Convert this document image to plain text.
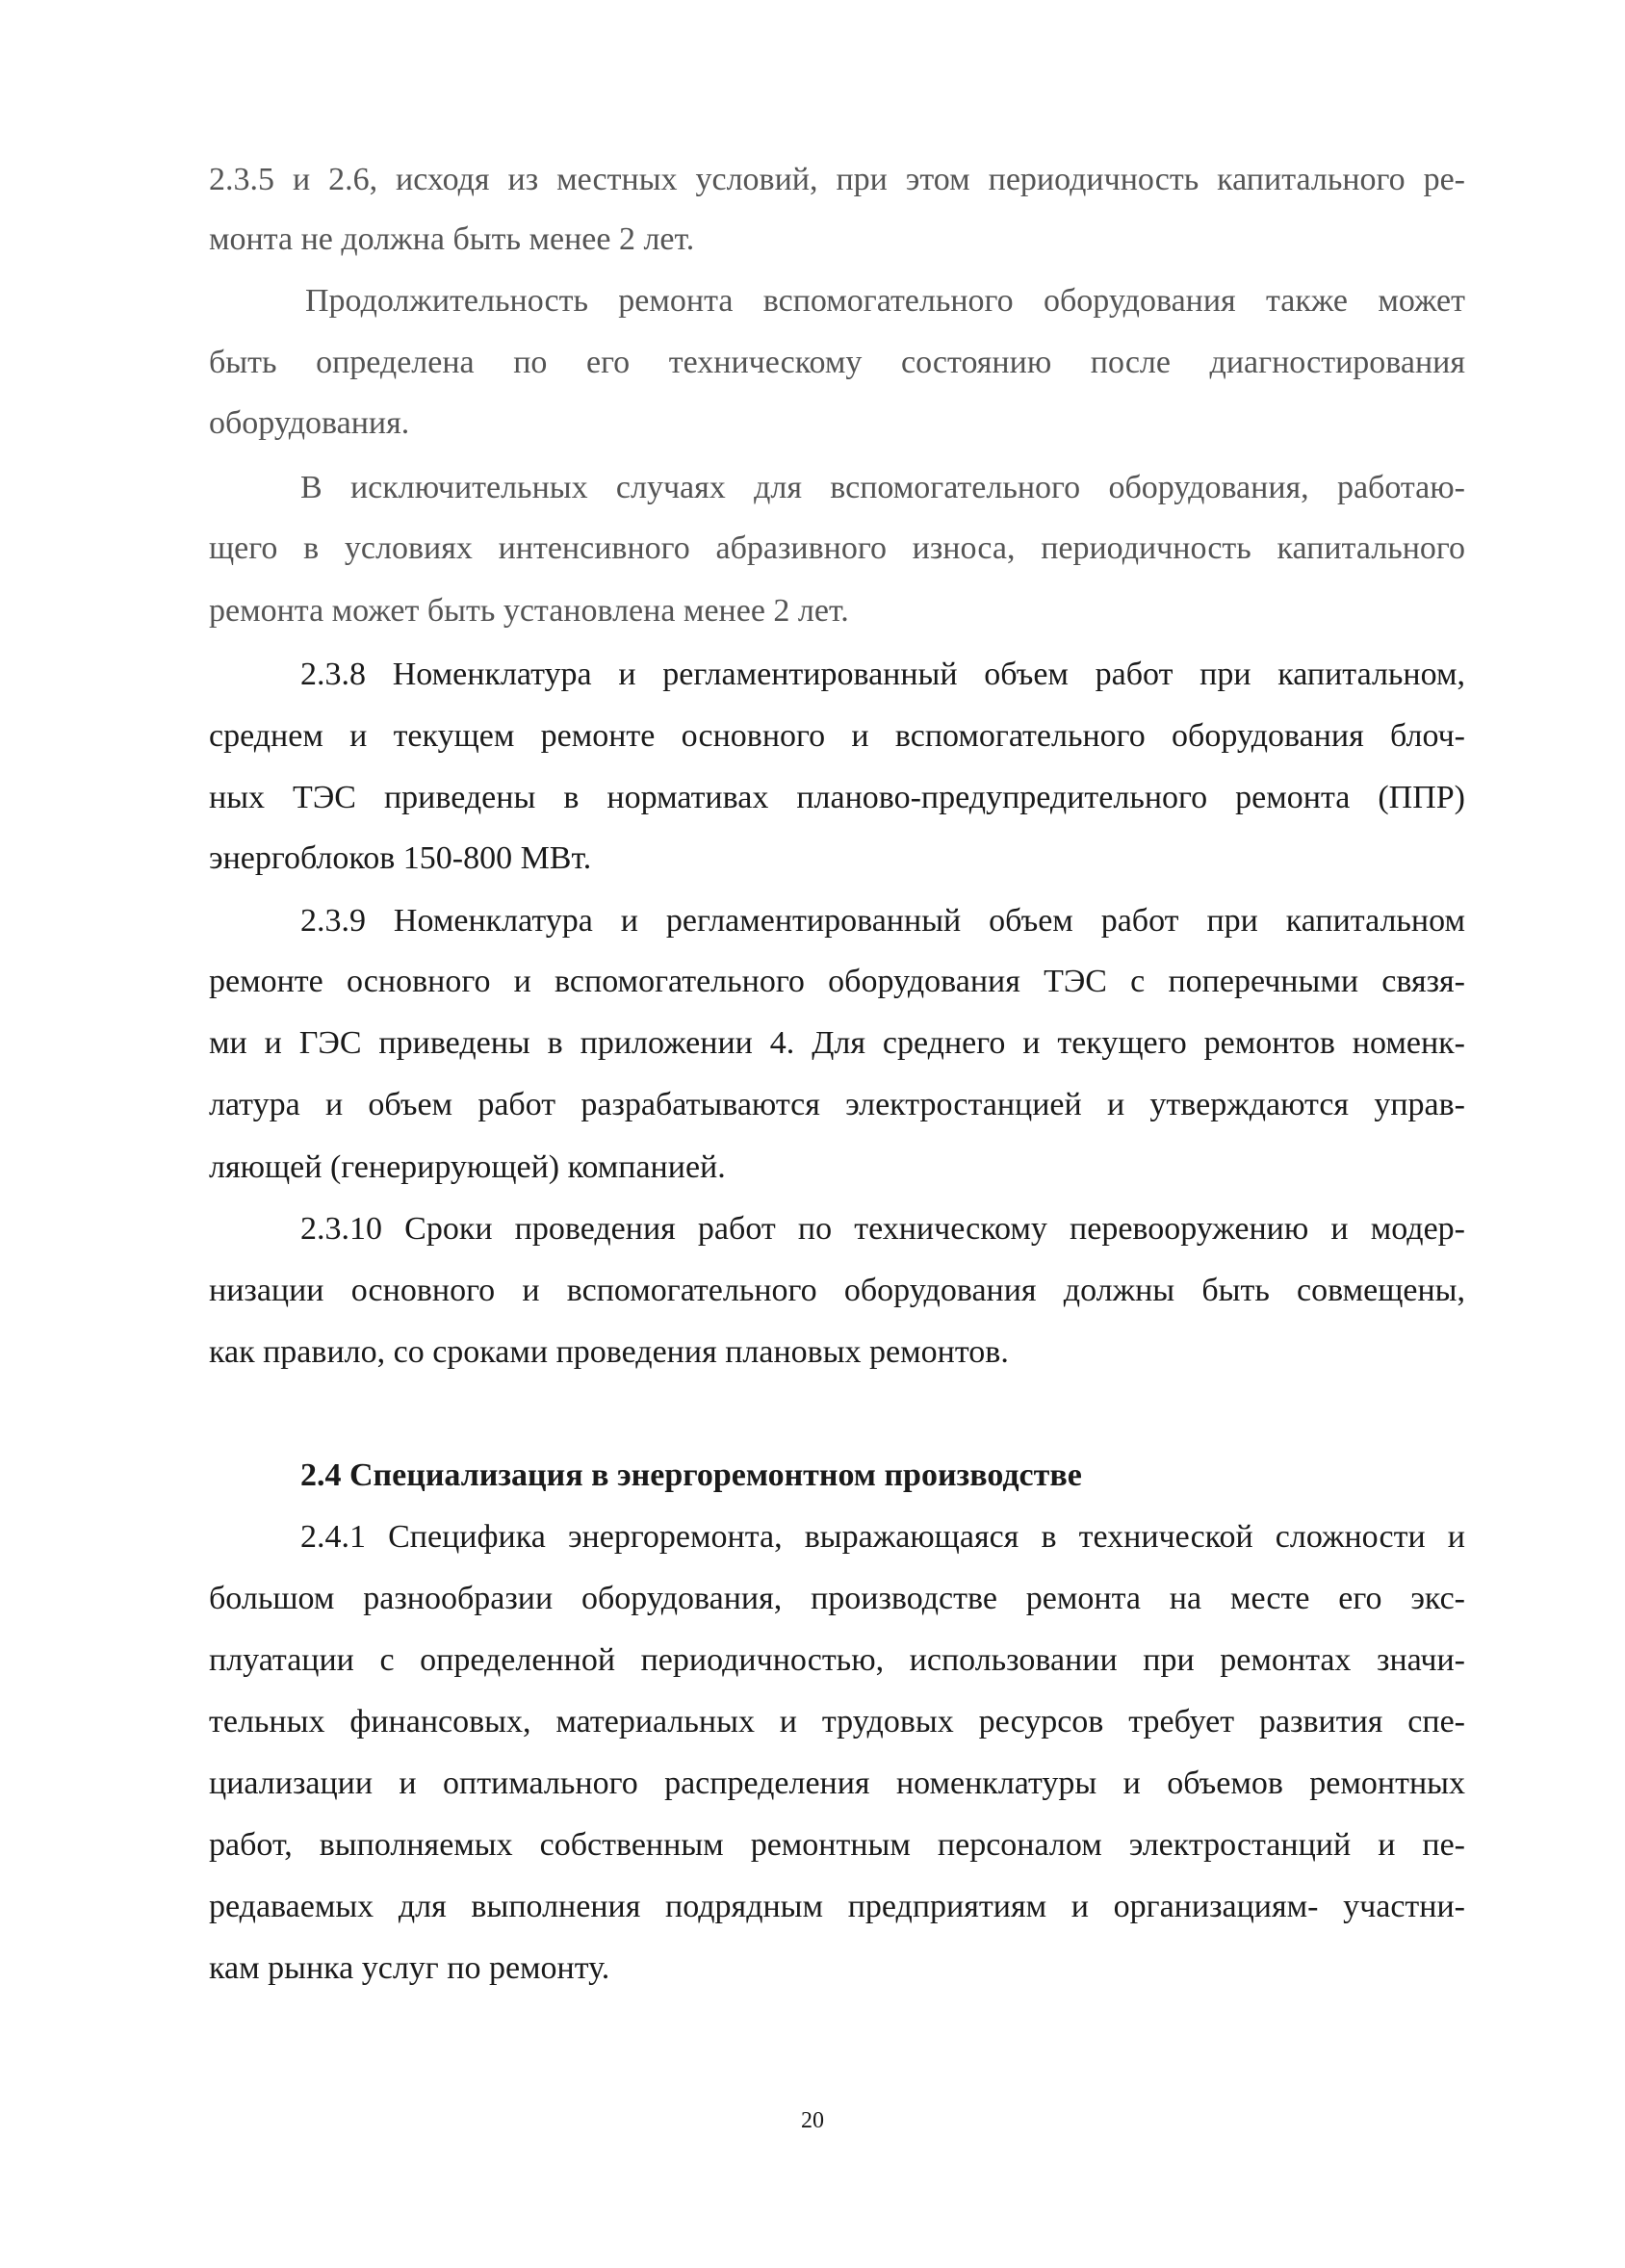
2.3.5 и 2.6, исходя из местных условий, при этом периодичность капитального ре-
монта не должна быть менее 2 лет.
Продолжительность ремонта вспомогательного оборудования также может
быть определена по его техническому состоянию после диагностирования
оборудования.
В исключительных случаях для вспомогательного оборудования, работаю-
щего в условиях интенсивного абразивного износа, периодичность капитального
ремонта может быть установлена менее 2 лет.
2.3.8 Номенклатура и регламентированный объем работ при капитальном,
среднем и текущем ремонте основного и вспомогательного оборудования блоч-
ных ТЭС приведены в нормативах планово-предупредительного ремонта (ППР)
энергоблоков 150-800 МВт.
2.3.9 Номенклатура и регламентированный объем работ при капитальном
ремонте основного и вспомогательного оборудования ТЭС с поперечными связя-
ми и ГЭС приведены в приложении 4. Для среднего и текущего ремонтов номенк-
латура и объем работ разрабатываются электростанцией и утверждаются управ-
ляющей (генерирующей) компанией.
2.3.10 Сроки проведения работ по техническому перевооружению и модер-
низации основного и вспомогательного оборудования должны быть совмещены,
как правило, со сроками проведения плановых ремонтов.
2.4 Специализация в энергоремонтном производстве
2.4.1 Специфика энергоремонта, выражающаяся в технической сложности и
большом разнообразии оборудования, производстве ремонта на месте его экс-
плуатации с определенной периодичностью, использовании при ремонтах значи-
тельных финансовых, материальных и трудовых ресурсов требует развития спе-
циализации и оптимального распределения номенклатуры и объемов ремонтных
работ, выполняемых собственным ремонтным персоналом электростанций и пе-
редаваемых для выполнения подрядным предприятиям и организациям- участни-
кам рынка услуг по ремонту.
20
